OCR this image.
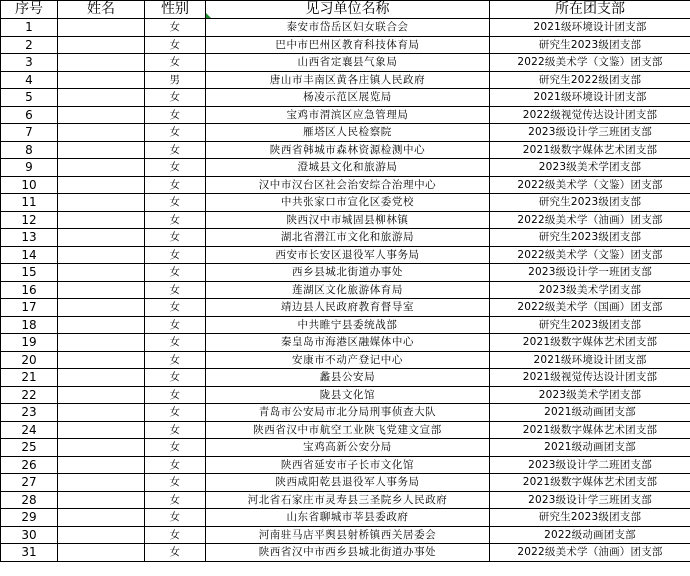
序号	姓名	性别	见习单位名称	所在团支部
1		女	泰安市岱岳区妇女联合会	2021级环境设计团支部
2		女	巴中市巴州区教育科技体育局	研究生2023级团支部
3		女	山西省定襄县气象局	2022级美术学（文鉴）团支部
4		男	唐山市丰南区黄各庄镇人民政府	研究生2022级团支部
5		女	杨凌示范区展览局	2021级环境设计团支部
6		女	宝鸡市渭滨区应急管理局	2022级视觉传达设计团支部
7		女	雁塔区人民检察院	2023级设计学三班团支部
8		女	陕西省韩城市森林资源检测中心	2021级数字媒体艺术团支部
9		女	澄城县文化和旅游局	2023级美术学团支部
10		女	汉中市汉台区社会治安综合治理中心	2022级美术学（文鉴）团支部
11		女	中共张家口市宣化区委党校	研究生2023级团支部
12		女	陕西汉中市城固县柳林镇	2022级美术学（油画）团支部
13		女	湖北省潜江市文化和旅游局	研究生2023级团支部
14		女	西安市长安区退役军人事务局	2022级美术学（文鉴）团支部
15		女	西乡县城北街道办事处	2023级设计学一班团支部
16		女	莲湖区文化旅游体育局	2023级美术学团支部
17		女	靖边县人民政府教育督导室	2022级美术学（国画）团支部
18		女	中共睢宁县委统战部	研究生2023级团支部
19		女	秦皇岛市海港区融媒体中心	2021级数字媒体艺术团支部
20		女	安康市不动产登记中心	2021级环境设计团支部
21		女	蠡县公安局	2021级视觉传达设计团支部
22		女	陇县文化馆	2023级美术学团支部
23		女	青岛市公安局市北分局刑事侦查大队	2021级动画团支部
24		女	陕西省汉中市航空工业陕飞党建文宣部	2021级数字媒体艺术团支部
25		女	宝鸡高新公安分局	2021级动画团支部
26		女	陕西省延安市子长市文化馆	2023级设计学二班团支部
27		女	陕西咸阳乾县退役军人事务局	2021级数字媒体艺术团支部
28		女	河北省石家庄市灵寿县三圣院乡人民政府	2023级设计学三班团支部
29		女	山东省聊城市莘县委政府	研究生2023级团支部
30		女	河南驻马店平舆县射桥镇西关居委会	2022级动画团支部
31		女	陕西省汉中市西乡县城北街道办事处	2022级美术学（油画）团支部
